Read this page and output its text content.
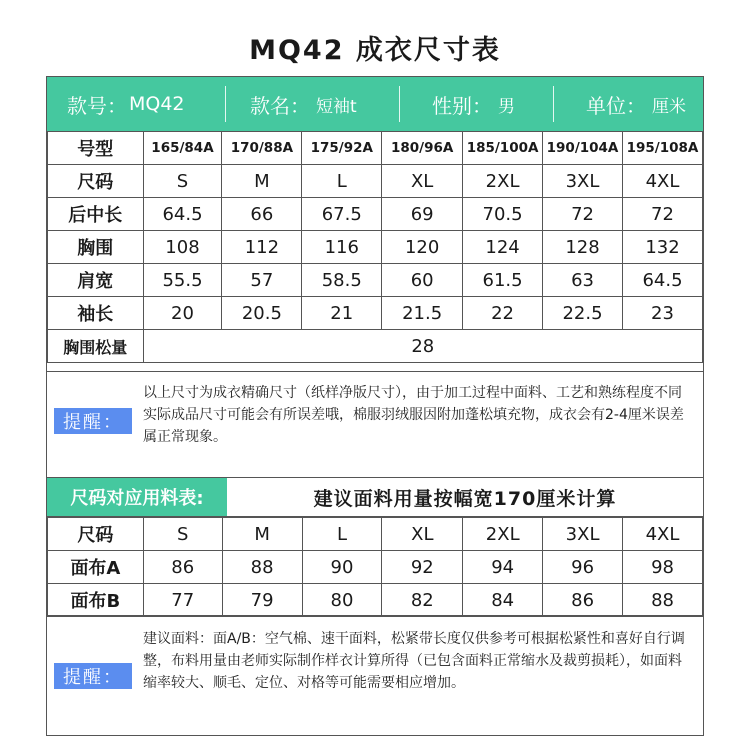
MQ42 成衣尺寸表
款号： MQ42	款名： 短袖t	性别： 男	单位： 厘米
号型	165/84A	170/88A	175/92A	180/96A	185/100A	190/104A	195/108A
尺码	S	M	L	XL	2XL	3XL	4XL
后中长	64.5	66	67.5	69	70.5	72	72
胸围	108	112	116	120	124	128	132
肩宽	55.5	57	58.5	60	61.5	63	64.5
袖长	20	20.5	21	21.5	22	22.5	23
胸围松量	28						
提醒：
以上尺寸为成衣精确尺寸（纸样净版尺寸），由于加工过程中面料、工艺和熟练程度不同实际成品尺寸可能会有所误差哦，棉服羽绒服因附加蓬松填充物，成衣会有2-4厘米误差属正常现象。
尺码对应用料表:	建议面料用量按幅宽170厘米计算
尺码	S	M	L	XL	2XL	3XL	4XL
面布A	86	88	90	92	94	96	98
面布B	77	79	80	82	84	86	88
提醒：
建议面料：面A/B：空气棉、速干面料，松紧带长度仅供参考可根据松紧性和喜好自行调整，布料用量由老师实际制作样衣计算所得（已包含面料正常缩水及裁剪损耗），如面料缩率较大、顺毛、定位、对格等可能需要相应增加。
